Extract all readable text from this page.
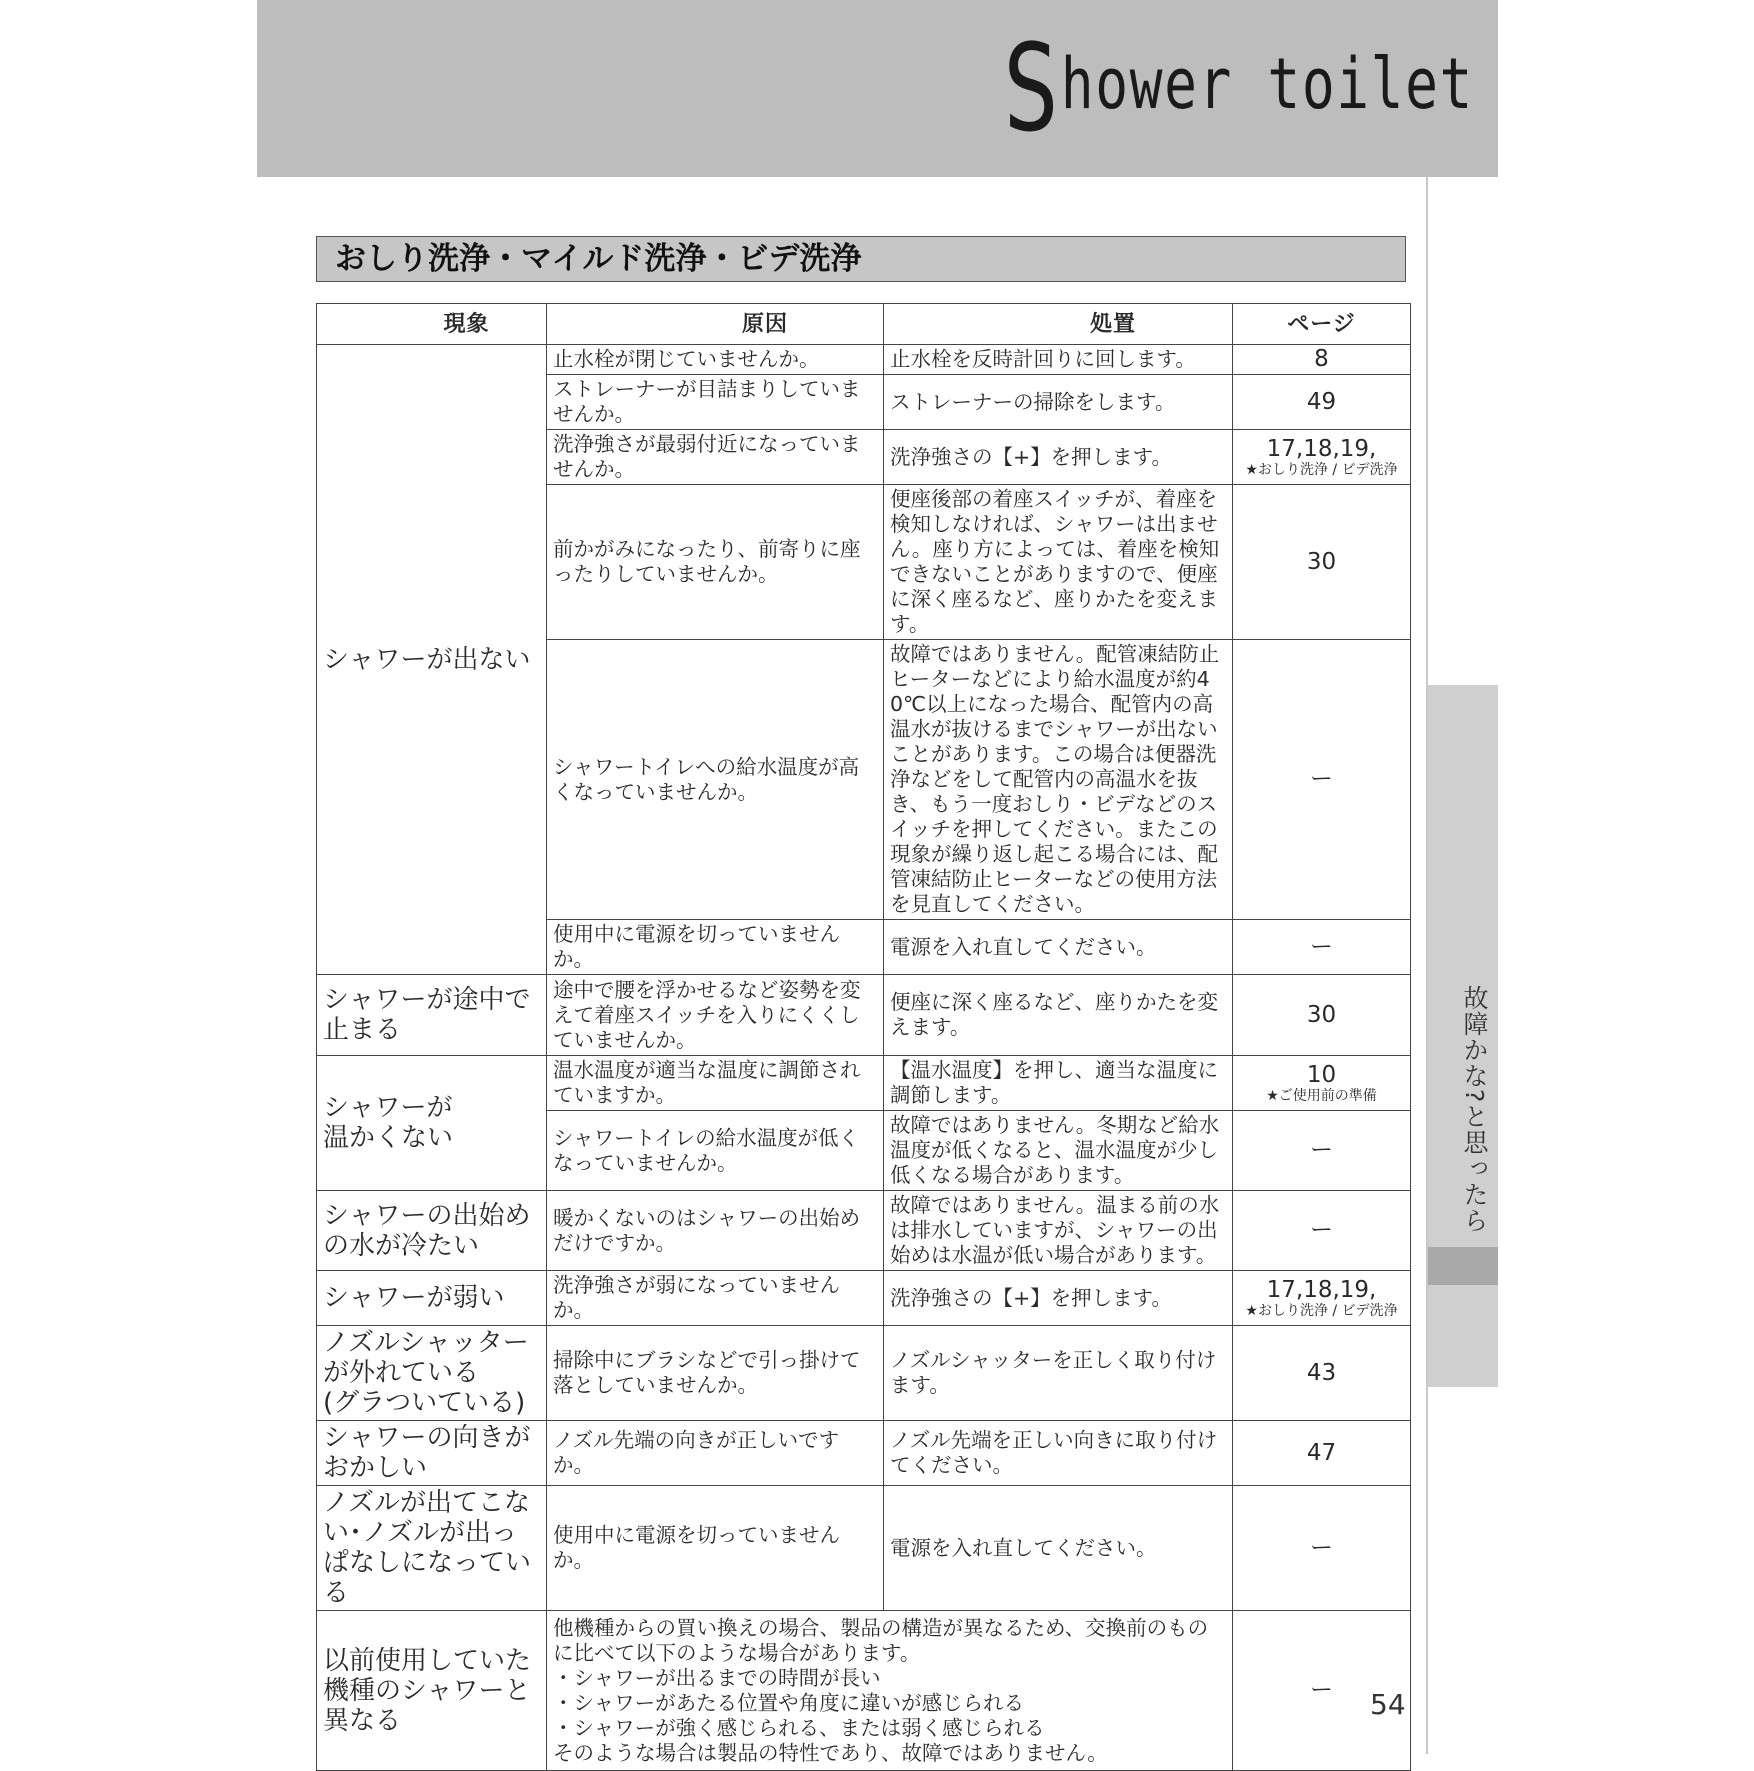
Shower toilet
故障かな?と思ったら
おしり洗浄・マイルド洗浄・ビデ洗浄
現象	原因	処置	ページ
シャワーが出ない	止水栓が閉じていませんか。	止水栓を反時計回りに回します。	8
	ストレーナーが目詰まりしていませんか。	ストレーナーの掃除をします。	49
	洗浄強さが最弱付近になっていませんか。	洗浄強さの【+】を押します。	17,18,19,
★おしり洗浄 / ビデ洗浄

	前かがみになったり、前寄りに座ったりしていませんか。	便座後部の着座スイッチが、着座を検知しなければ、シャワーは出ません。座り方によっては、着座を検知できないことがありますので、便座に深く座るなど、座りかたを変えます。	30
	シャワートイレへの給水温度が高くなっていませんか。	故障ではありません。配管凍結防止ヒーターなどにより給水温度が約40℃以上になった場合、配管内の高温水が抜けるまでシャワーが出ないことがあります。この場合は便器洗浄などをして配管内の高温水を抜き、もう一度おしり・ビデなどのスイッチを押してください。またこの現象が繰り返し起こる場合には、配管凍結防止ヒーターなどの使用方法を見直してください。	ー
	使用中に電源を切っていませんか。	電源を入れ直してください。	ー
シャワーが途中で止まる	途中で腰を浮かせるなど姿勢を変えて着座スイッチを入りにくくしていませんか。	便座に深く座るなど、座りかたを変えます。	30
シャワーが
温かくない	温水温度が適当な温度に調節されていますか。	【温水温度】を押し、適当な温度に調節します。	10
★ご使用前の準備

	シャワートイレの給水温度が低くなっていませんか。	故障ではありません。冬期など給水温度が低くなると、温水温度が少し低くなる場合があります。	ー
シャワーの出始めの水が冷たい	暖かくないのはシャワーの出始めだけですか。	故障ではありません。温まる前の水は排水していますが、シャワーの出始めは水温が低い場合があります。	ー
シャワーが弱い	洗浄強さが弱になっていませんか。	洗浄強さの【+】を押します。	17,18,19,
★おしり洗浄 / ビデ洗浄

ノズルシャッター
が外れている
(グラついている)	掃除中にブラシなどで引っ掛けて落としていませんか。	ノズルシャッターを正しく取り付けます。	43
シャワーの向きがおかしい	ノズル先端の向きが正しいですか。	ノズル先端を正しい向きに取り付けてください。	47
ノズルが出てこない･ノズルが出っぱなしになっている	使用中に電源を切っていませんか。	電源を入れ直してください。	ー
以前使用していた機種のシャワーと異なる	他機種からの買い換えの場合、製品の構造が異なるため、交換前のものに比べて以下のような場合があります。
・シャワーが出るまでの時間が長い
・シャワーがあたる位置や角度に違いが感じられる
・シャワーが強く感じられる、または弱く感じられる
そのような場合は製品の特性であり、故障ではありません。		ー 54
